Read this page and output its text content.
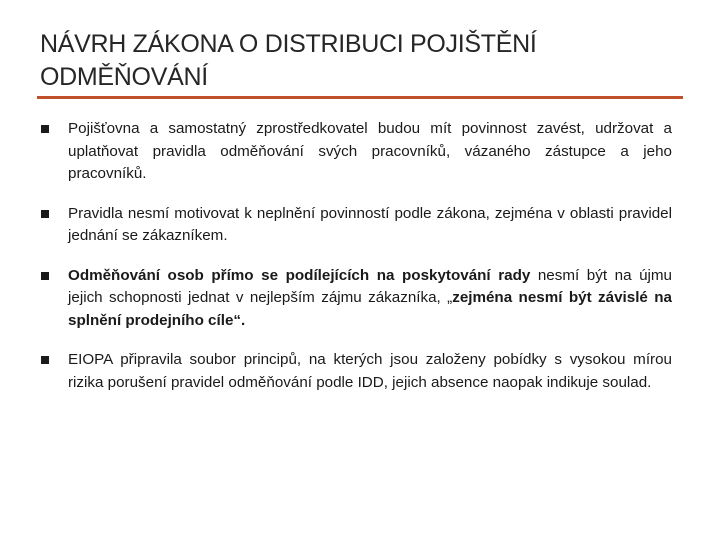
NÁVRH ZÁKONA O DISTRIBUCI POJIŠTĚNÍ ODMĚŇOVÁNÍ
Pojišťovna a samostatný zprostředkovatel budou mít povinnost zavést, udržovat a uplatňovat pravidla odměňování svých pracovníků, vázaného zástupce a jeho pracovníků.
Pravidla nesmí motivovat k neplnění povinností podle zákona, zejména v oblasti pravidel jednání se zákazníkem.
Odměňování osob přímo se podílejících na poskytování rady nesmí být na újmu jejich schopnosti jednat v nejlepším zájmu zákazníka, „zejména nesmí být závislé na splnění prodejního cíle“.
EIOPA připravila soubor principů, na kterých jsou založeny pobídky s vysokou mírou rizika porušení pravidel odměňování podle IDD, jejich absence naopak indikuje soulad.
